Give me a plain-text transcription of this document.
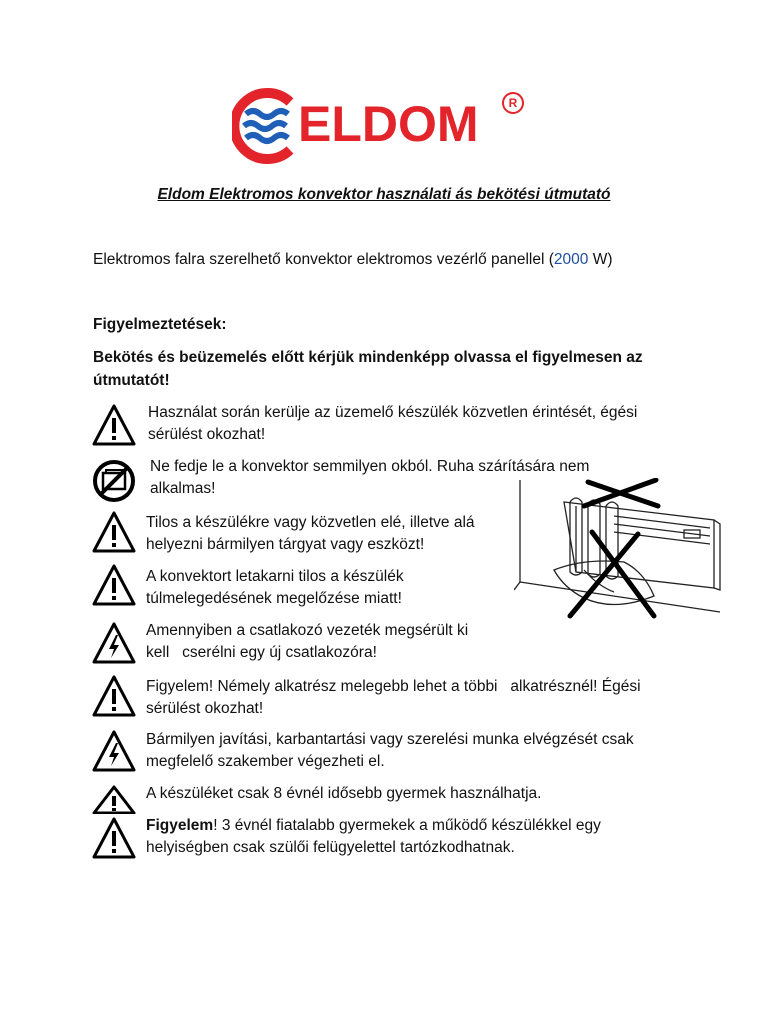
ELDOM	R
Eldom Elektromos konvektor használati ás bekötési útmutató
Elektromos falra szerelhető konvektor elektromos vezérlő panellel (2000 W)
Figyelmeztetések:
Bekötés és beüzemelés előtt kérjük mindenképp olvassa el figyelmesen az útmutatót!
Használat során kerülje az üzemelő készülék közvetlen érintését, égési
sérülést okozhat!
Ne fedje le a konvektor semmilyen okból. Ruha szárítására nem
alkalmas!
Tilos a készülékre vagy közvetlen elé, illetve alá
helyezni bármilyen tárgyat vagy eszközt!
A konvektort letakarni tilos a készülék
túlmelegedésének megelőzése miatt!
Amennyiben a csatlakozó vezeték megsérült ki
kell   cserélni egy új csatlakozóra!
Figyelem! Némely alkatrész melegebb lehet a többi   alkatrésznél! Égési
sérülést okozhat!
Bármilyen javítási, karbantartási vagy szerelési munka elvégzését csak
megfelelő szakember végezheti el.
A készüléket csak 8 évnél idősebb gyermek használhatja.
Figyelem! 3 évnél fiatalabb gyermekek a működő készülékkel egy
helyiségben csak szülői felügyelettel tartózkodhatnak.
